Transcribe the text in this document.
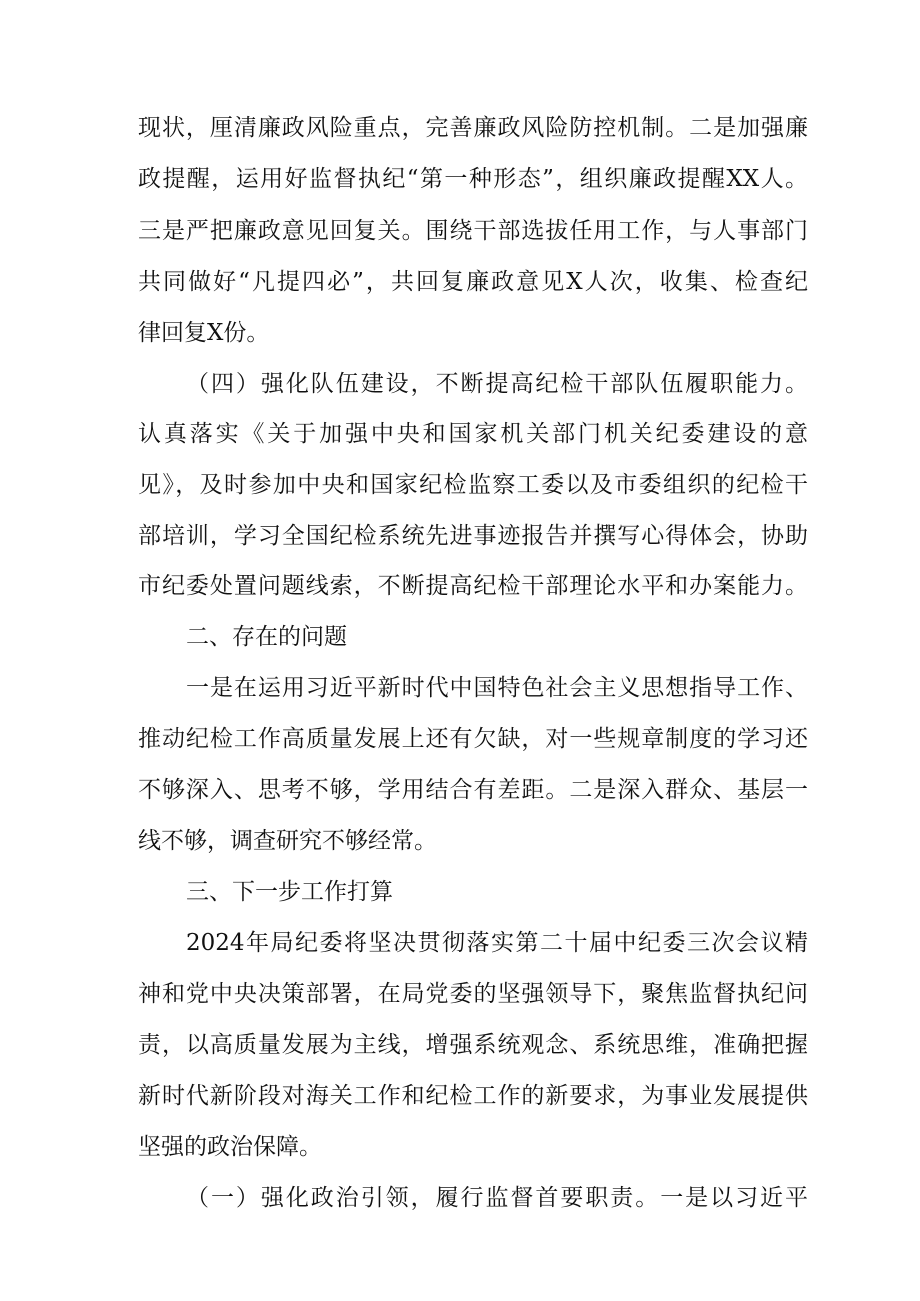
现状，厘清廉政风险重点，完善廉政风险防控机制。二是加强廉
政提醒，运用好监督执纪“第一种形态”，组织廉政提醒XX人。
三是严把廉政意见回复关。围绕干部选拔任用工作，与人事部门
共同做好“凡提四必”，共回复廉政意见X人次，收集、检查纪
律回复X份。
（四）强化队伍建设，不断提高纪检干部队伍履职能力。
认真落实《关于加强中央和国家机关部门机关纪委建设的意
见》，及时参加中央和国家纪检监察工委以及市委组织的纪检干
部培训，学习全国纪检系统先进事迹报告并撰写心得体会，协助
市纪委处置问题线索，不断提高纪检干部理论水平和办案能力。
二、存在的问题
一是在运用习近平新时代中国特色社会主义思想指导工作、
推动纪检工作高质量发展上还有欠缺，对一些规章制度的学习还
不够深入、思考不够，学用结合有差距。二是深入群众、基层一
线不够，调查研究不够经常。
三、下一步工作打算
2024年局纪委将坚决贯彻落实第二十届中纪委三次会议精
神和党中央决策部署，在局党委的坚强领导下，聚焦监督执纪问
责，以高质量发展为主线，增强系统观念、系统思维，准确把握
新时代新阶段对海关工作和纪检工作的新要求，为事业发展提供
坚强的政治保障。
（一）强化政治引领，履行监督首要职责。一是以习近平
